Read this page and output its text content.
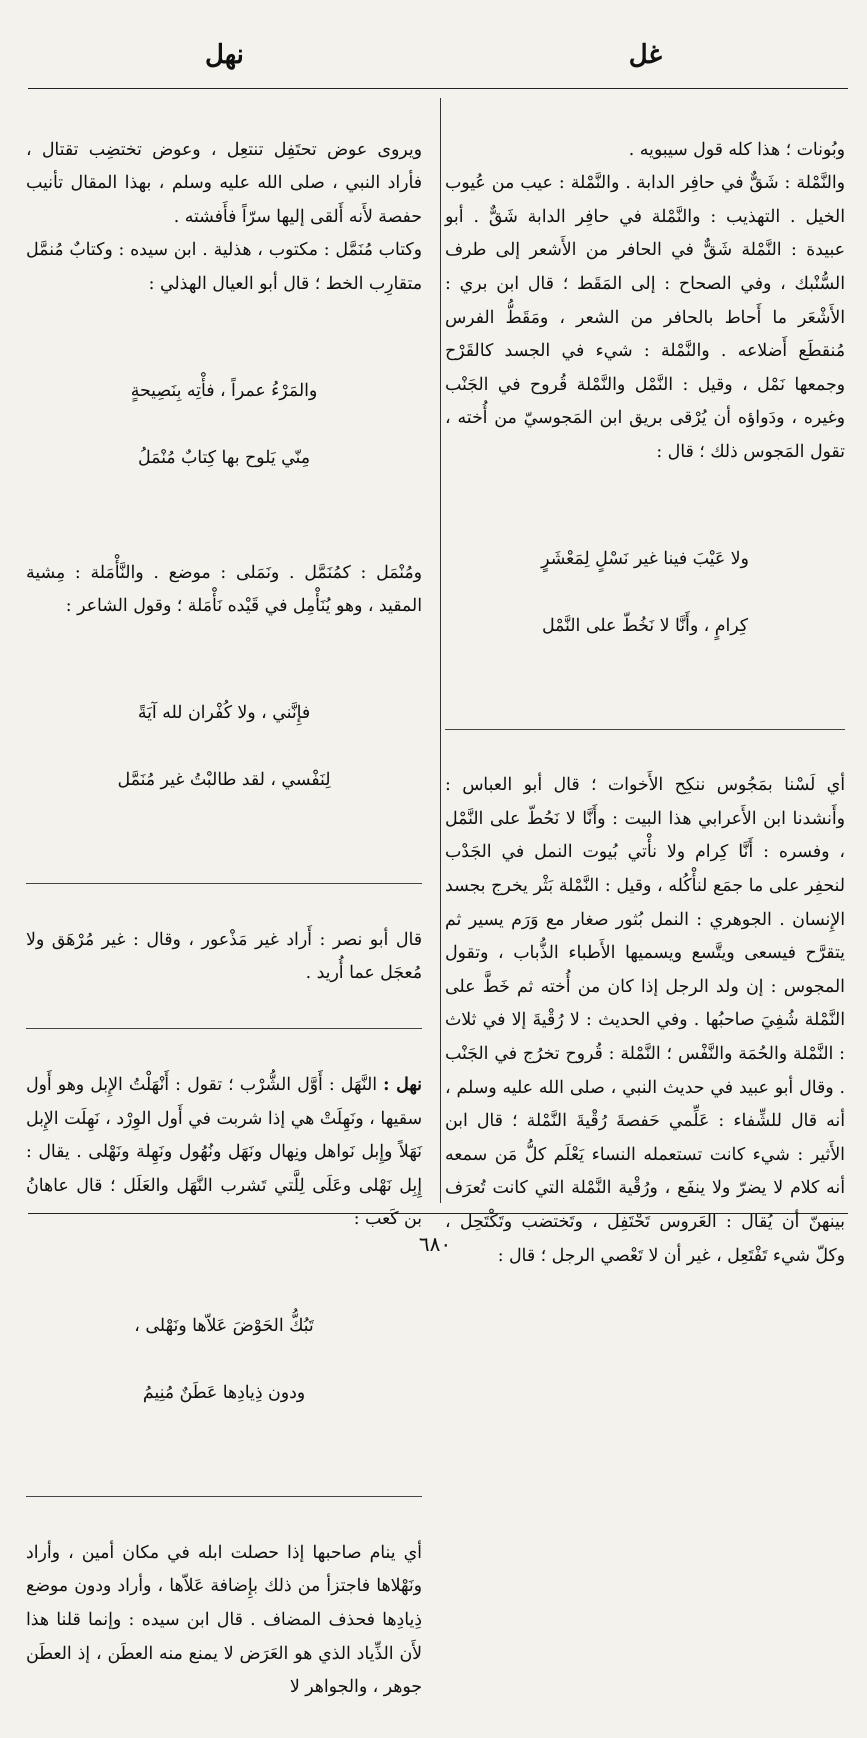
غل
نهل

وبُونات ؛ هذا كله قول سيبويه .
والنَّمْلة : شَقٌّ في حافِر الدابة . والنَّمْلة : عيب من عُيوب الخيل . التهذيب : والنَّمْلة في حافِر الدابة شَقٌّ . أبو عبيدة : النَّمْلة شَقٌّ في الحافر من الأَشعر إلى طرف السُّنْبك ، وفي الصحاح : إلى المَقَط ؛ قال ابن بري : الأَشْعَر ما أَحاط بالحافر من الشعر ، ومَقَطُّ الفرس مُنقطَع أَضلاعه . والنَّمْلة : شيء في الجسد كالقَرْح وجمعها نَمْل ، وقيل : النَّمْل والنَّمْلة قُروح في الجَنْب وغيره ، ودَواؤه أن يُرْقى بريق ابن المَجوسيّ من أُخته ، تقول المَجوس ذلك ؛ قال :

ولا عَيْبَ فينا غير نَسْلٍ لِمَعْشَرٍ

كِرامٍ ، وأَنَّا لا نَخُطّ على النَّمْل

أي لَسْنا بمَجُوس ننكِح الأَخوات ؛ قال أبو العباس : وأَنشدنا ابن الأَعرابي هذا البيت : وأَنَّا لا نَحُطّ على النَّمْل ، وفسره : أَنَّا كِرام ولا نأْتي بُيوت النمل في الجَدْب لنحفِر على ما جمَع لنأْكُله ، وقيل : النَّمْلة بَثْر يخرج بجسد الإِنسان . الجوهري : النمل بُثور صغار مع وَرَم يسير ثم يتقرَّح فيسعى ويتَّسع ويسميها الأَطباء الذُّباب ، وتقول المجوس : إن ولد الرجل إذا كان من أُخته ثم خَطَّ على النَّمْلة شُفِيَ صاحبُها . وفي الحديث : لا رُقْيةَ إلا في ثلاث : النَّمْلة والحُمَة والنَّفْس ؛ النَّمْلة : قُروح تخرُج في الجَنْب . وقال أبو عبيد في حديث النبي ، صلى الله عليه وسلم ، أنه قال للشِّفاء : عَلِّمي حَفصةَ رُقْيةَ النَّمْلة ؛ قال ابن الأَثير : شيء كانت تستعمله النساء يَعْلَم كلُّ مَن سمعه أنه كلام لا يضرّ ولا ينفَع ، ورُقْية النَّمْلة التي كانت تُعرَف بينهنّ أن يُقال : العَروس تَحْتَفِل ، وتَختضب وتَكْتَحِل ، وكلّ شيء تَفْتَعِل ، غير أن لا تَعْصي الرجل ؛ قال :

ويروى عوض تحتَفِل تنتعِل ، وعوض تختضِب تقتال ، فأراد النبي ، صلى الله عليه وسلم ، بهذا المقال تأنيب حفصة لأَنه أَلقى إليها سرّاً فأَفشته .
وكتاب مُنَمَّل : مكتوب ، هذلية . ابن سيده : وكتابٌ مُنمَّل متقارِب الخط ؛ قال أبو العيال الهذلي :

والمَرْءُ عمراً ، فأْتِه بِنَصِيحةٍ

مِنّي يَلوح بها كِتابٌ مُنْمَلُ

ومُنْمَل : كمُنَمَّل . ونَمَلى : موضع . والنَّأْمَلة : مِشية المقيد ، وهو يُنَأْمِل في قَيْده نَأْمَلة ؛ وقول الشاعر :

فإِنَّني ، ولا كُفْران لله آيَةً

لِنَفْسي ، لقد طالبْتُ غير مُنَمَّل

قال أبو نصر : أَراد غير مَذْعور ، وقال : غير مُرْهَق ولا مُعجَل عما أُريد .

نهل : النَّهَل : أَوَّل الشُّرْب ؛ تقول : أَنْهَلْتُ الإِبل وهو أَول سقيها ، ونَهِلَتْ هي إذا شربت في أَول الوِرْد ، نَهِلَت الإِبل نَهَلاً وإِبل نَواهل ونِهال ونَهَل ونُهُول ونَهِلة ونَهْلى . يقال : إِبِل نَهْلى وعَلَى لِلَّتي تَشرب النَّهَل والعَلَل ؛ قال عاهانُ بن كَعب :

تَبُكُّ الحَوْضَ عَلاّها ونَهْلى ،

ودون ذِيادِها عَطَنٌ مُنِيمُ

أي ينام صاحبها إذا حصلت ابله في مكان أمين ، وأراد ونَهْلاها فاجتزأ من ذلك بإِضافة عَلاّها ، وأراد ودون موضع ذِيادِها فحذف المضاف . قال ابن سيده : وإنما قلنا هذا لأَن الذِّياد الذي هو العَرَض لا يمنع منه العطَن ، إذ العطَن جوهر ، والجواهر لا

٦٨٠
